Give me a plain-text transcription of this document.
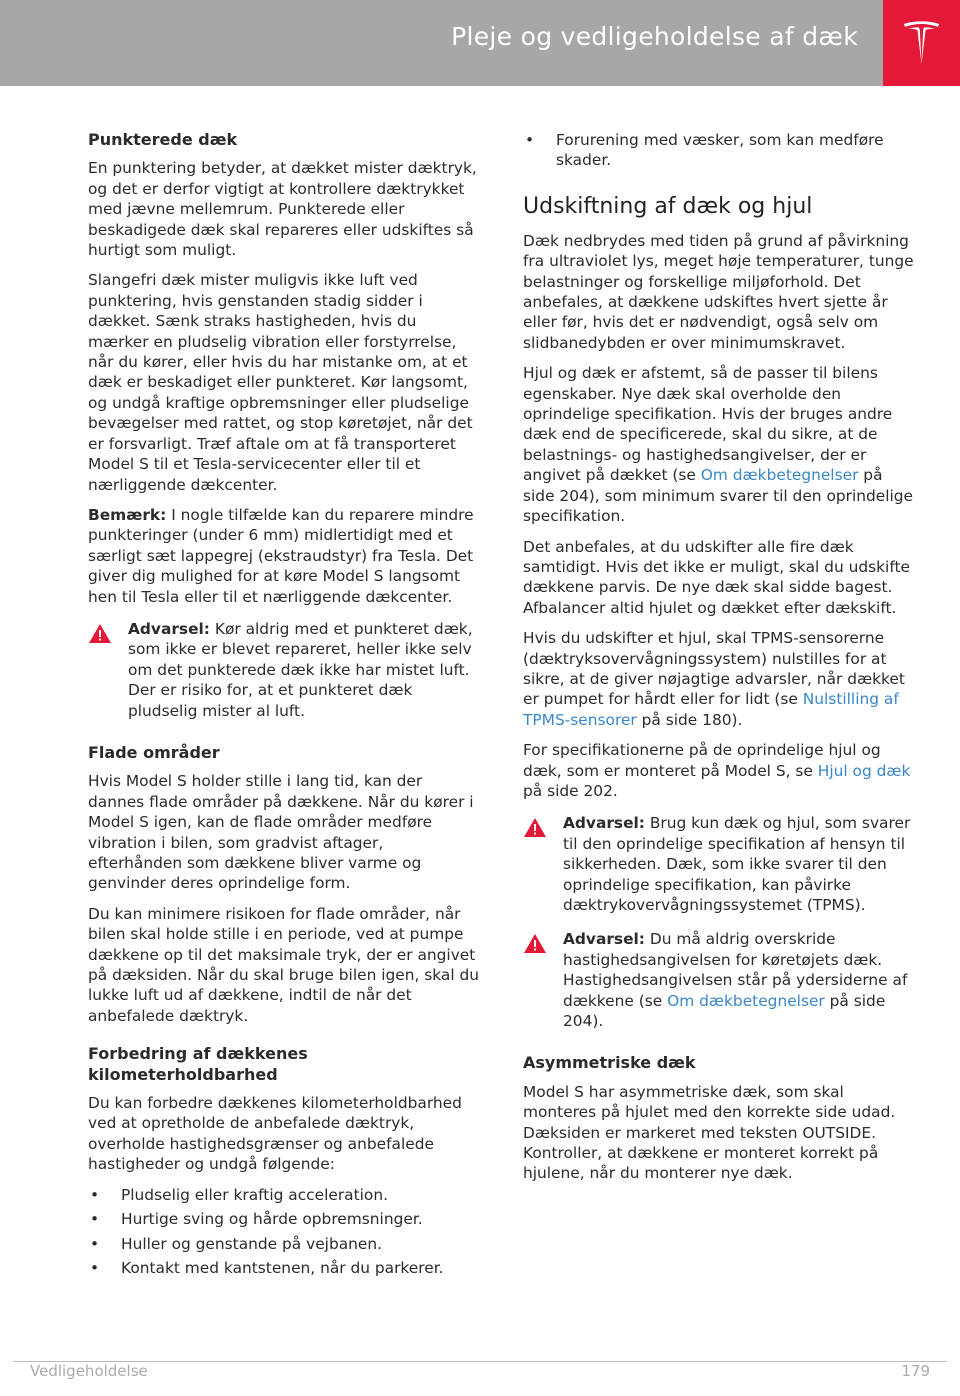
Pleje og vedligeholdelse af dæk
Punkterede dæk

En punktering betyder, at dækket mister dæktryk, og det er derfor vigtigt at kontrollere dæktrykket med jævne mellemrum. Punkterede eller beskadigede dæk skal repareres eller udskiftes så hurtigt som muligt.

Slangefri dæk mister muligvis ikke luft ved punktering, hvis genstanden stadig sidder i dækket. Sænk straks hastigheden, hvis du mærker en pludselig vibration eller forstyrrelse, når du kører, eller hvis du har mistanke om, at et dæk er beskadiget eller punkteret. Kør langsomt, og undgå kraftige opbremsninger eller pludselige bevægelser med rattet, og stop køretøjet, når det er forsvarligt. Træf aftale om at få transporteret Model S til et Tesla-servicecenter eller til et nærliggende dækcenter.

Bemærk: I nogle tilfælde kan du reparere mindre punkteringer (under 6 mm) midlertidigt med et særligt sæt lappegrej (ekstraudstyr) fra Tesla. Det giver dig mulighed for at køre Model S langsomt hen til Tesla eller til et nærliggende dækcenter.

Advarsel: Kør aldrig med et punkteret dæk, som ikke er blevet repareret, heller ikke selv om det punkterede dæk ikke har mistet luft. Der er risiko for, at et punkteret dæk pludselig mister al luft.
Flade områder

Hvis Model S holder stille i lang tid, kan der dannes flade områder på dækkene. Når du kører i Model S igen, kan de flade områder medføre vibration i bilen, som gradvist aftager, efterhånden som dækkene bliver varme og genvinder deres oprindelige form.

Du kan minimere risikoen for flade områder, når bilen skal holde stille i en periode, ved at pumpe dækkene op til det maksimale tryk, der er angivet på dæksiden. Når du skal bruge bilen igen, skal du lukke luft ud af dækkene, indtil de når det anbefalede dæktryk.

Forbedring af dækkenes kilometerholdbarhed

Du kan forbedre dækkenes kilometerholdbarhed ved at opretholde de anbefalede dæktryk, overholde hastighedsgrænser og anbefalede hastigheder og undgå følgende:

• Pludselig eller kraftig acceleration.
• Hurtige sving og hårde opbremsninger.
• Huller og genstande på vejbanen.
• Kontakt med kantstenen, når du parkerer.
• Forurening med væsker, som kan medføre skader.
Udskiftning af dæk og hjul

Dæk nedbrydes med tiden på grund af påvirkning fra ultraviolet lys, meget høje temperaturer, tunge belastninger og forskellige miljøforhold. Det anbefales, at dækkene udskiftes hvert sjette år eller før, hvis det er nødvendigt, også selv om slidbanedybden er over minimumskravet.

Hjul og dæk er afstemt, så de passer til bilens egenskaber. Nye dæk skal overholde den oprindelige specifikation. Hvis der bruges andre dæk end de specificerede, skal du sikre, at de belastnings- og hastighedsangivelser, der er angivet på dækket (se Om dækbetegnelser på side 204), som minimum svarer til den oprindelige specifikation.

Det anbefales, at du udskifter alle fire dæk samtidigt. Hvis det ikke er muligt, skal du udskifte dækkene parvis. De nye dæk skal sidde bagest. Afbalancer altid hjulet og dækket efter dækskift.

Hvis du udskifter et hjul, skal TPMS-sensorerne (dæktryksovervågningssystem) nulstilles for at sikre, at de giver nøjagtige advarsler, når dækket er pumpet for hårdt eller for lidt (se Nulstilling af TPMS-sensorer på side 180).

For specifikationerne på de oprindelige hjul og dæk, som er monteret på Model S, se Hjul og dæk på side 202.

Advarsel: Brug kun dæk og hjul, som svarer til den oprindelige specifikation af hensyn til sikkerheden. Dæk, som ikke svarer til den oprindelige specifikation, kan påvirke dæktrykovervågningssystemet (TPMS).
Advarsel: Du må aldrig overskride hastighedsangivelsen for køretøjets dæk. Hastighedsangivelsen står på ydersiderne af dækkene (se Om dækbetegnelser på side 204).
Asymmetriske dæk

Model S har asymmetriske dæk, som skal monteres på hjulet med den korrekte side udad. Dæksiden er markeret med teksten OUTSIDE. Kontroller, at dækkene er monteret korrekt på hjulene, når du monterer nye dæk.

Vedligeholdelse	179
